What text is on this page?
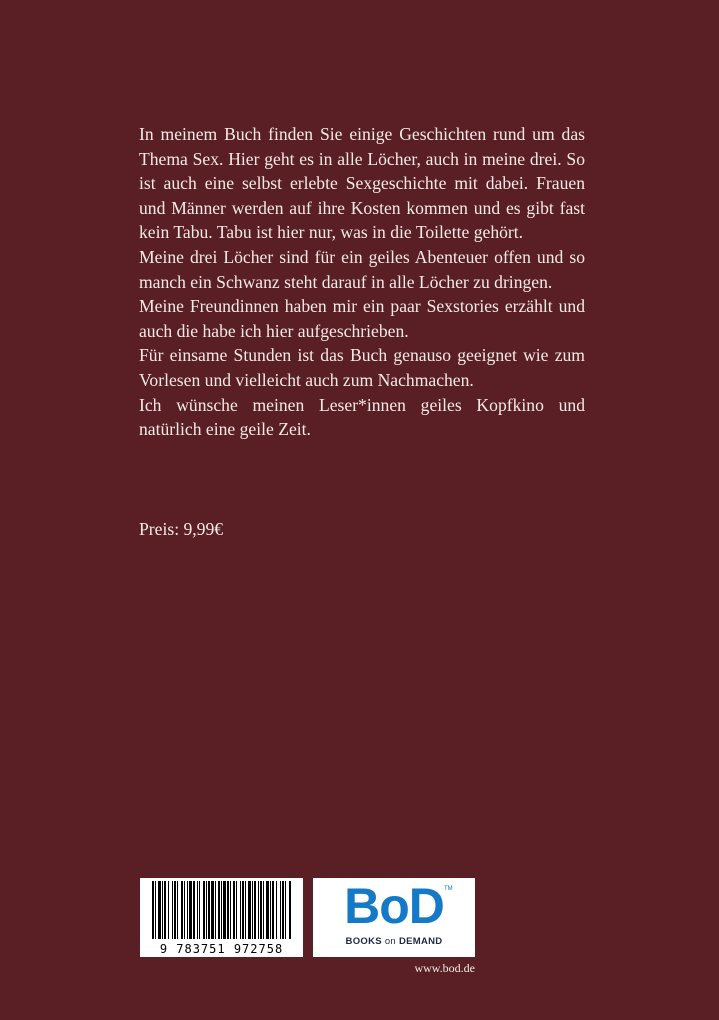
In meinem Buch finden Sie einige Geschichten rund um das Thema Sex. Hier geht es in alle Löcher, auch in meine drei. So ist auch eine selbst erlebte Sexgeschichte mit dabei. Frauen und Männer werden auf ihre Kosten kommen und es gibt fast kein Tabu. Tabu ist hier nur, was in die Toilette gehört.

Meine drei Löcher sind für ein geiles Abenteuer offen und so manch ein Schwanz steht darauf in alle Löcher zu dringen.

Meine Freundinnen haben mir ein paar Sexstories erzählt und auch die habe ich hier aufgeschrieben.

Für einsame Stunden ist das Buch genauso geeignet wie zum Vorlesen und vielleicht auch zum Nachmachen.

Ich wünsche meinen Leser*innen geiles Kopfkino und natürlich eine geile Zeit.

Preis: 9,99€
9 783751 972758
BoD TM
BOOKS on DEMAND
www.bod.de
